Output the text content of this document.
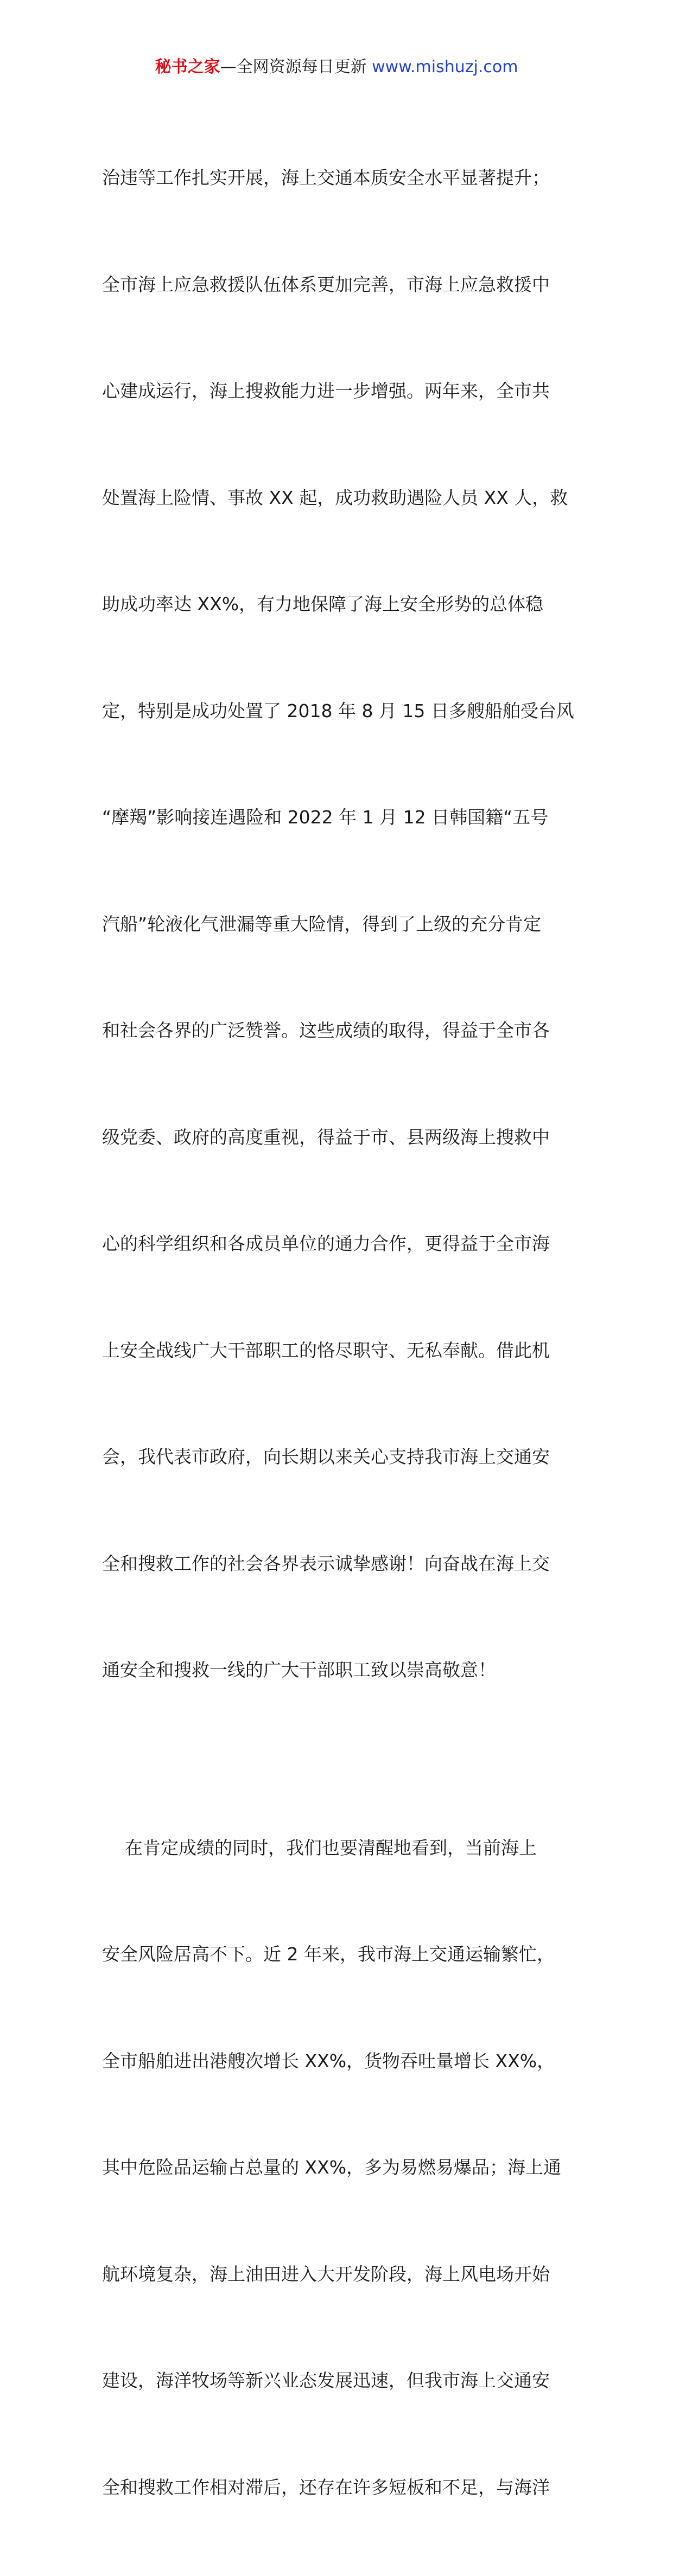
秘书之家—全网资源每日更新 www.mishuzj.com

治违等工作扎实开展，海上交通本质安全水平显著提升；

全市海上应急救援队伍体系更加完善，市海上应急救援中

心建成运行，海上搜救能力进一步增强。两年来，全市共

处置海上险情、事故 XX 起，成功救助遇险人员 XX 人，救

助成功率达 XX%，有力地保障了海上安全形势的总体稳

定，特别是成功处置了 2018 年 8 月 15 日多艘船舶受台风

“摩羯”影响接连遇险和 2022 年 1 月 12 日韩国籍“五号

汽船”轮液化气泄漏等重大险情，得到了上级的充分肯定

和社会各界的广泛赞誉。这些成绩的取得，得益于全市各

级党委、政府的高度重视，得益于市、县两级海上搜救中

心的科学组织和各成员单位的通力合作，更得益于全市海

上安全战线广大干部职工的恪尽职守、无私奉献。借此机

会，我代表市政府，向长期以来关心支持我市海上交通安

全和搜救工作的社会各界表示诚挚感谢！向奋战在海上交

通安全和搜救一线的广大干部职工致以崇高敬意！

在肯定成绩的同时，我们也要清醒地看到，当前海上

安全风险居高不下。近 2 年来，我市海上交通运输繁忙，

全市船舶进出港艘次增长 XX%，货物吞吐量增长 XX%，

其中危险品运输占总量的 XX%，多为易燃易爆品；海上通

航环境复杂，海上油田进入大开发阶段，海上风电场开始

建设，海洋牧场等新兴业态发展迅速，但我市海上交通安

全和搜救工作相对滞后，还存在许多短板和不足，与海洋
